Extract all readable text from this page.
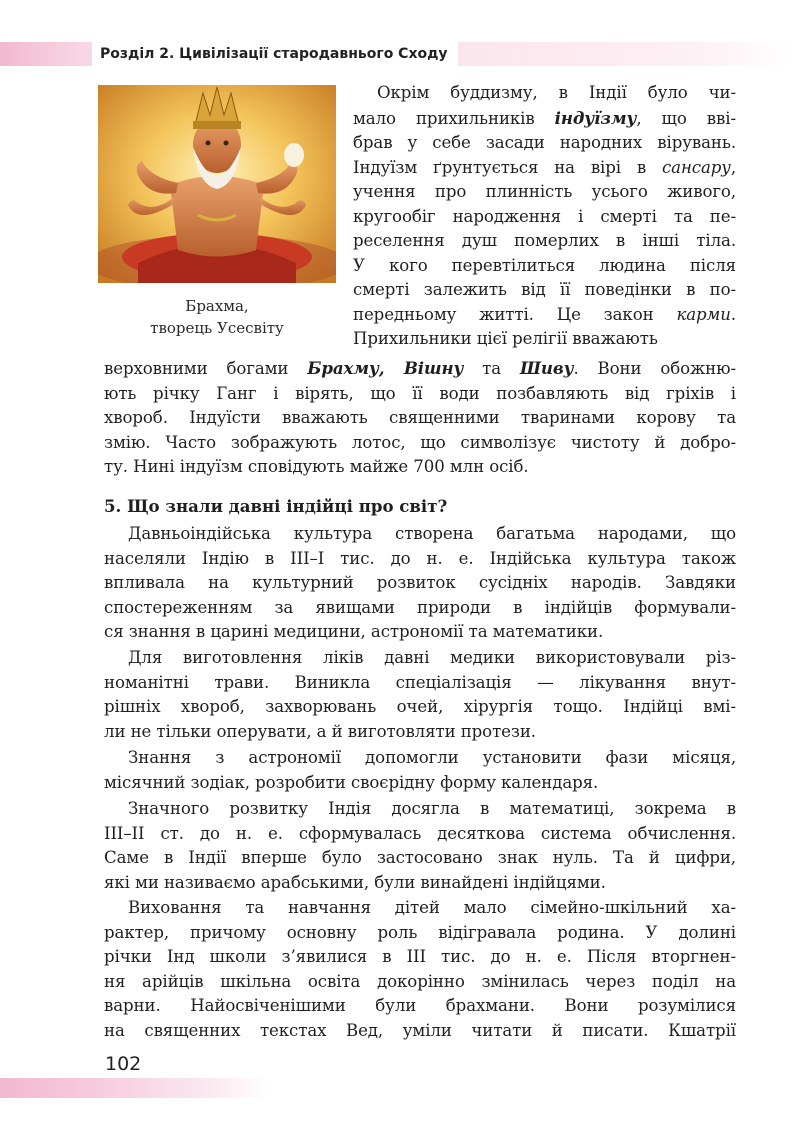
Розділ 2. Цивілізації стародавнього Сходу
Брахма,
творець Усесвіту
Окрім буддизму, в Індії було чи-
мало прихильників індуїзму, що вві-
брав у себе засади народних вірувань.
Індуїзм ґрунтується на вірі в сансару,
учення про плинність усього живого,
кругообіг народження і смерті та пе-
реселення душ померлих в інші тіла.
У кого перевтілиться людина після
смерті залежить від її поведінки в по-
передньому житті. Це закон карми.
Прихильники цієї релігії вважають
верховними богами Брахму, Вішну та Шиву. Вони обожню-
ють річку Ганг і вірять, що її води позбавляють від гріхів і
хвороб. Індуїсти вважають священними тваринами корову та
змію. Часто зображують лотос, що символізує чистоту й добро-
ту. Нині індуїзм сповідують майже 700 млн осіб.
5. Що знали давні індійці про світ?
Давньоіндійська культура створена багатьма народами, що
населяли Індію в III–I тис. до н. е. Індійська культура також
впливала на культурний розвиток сусідніх народів. Завдяки
спостереженням за явищами природи в індійців формували-
ся знання в царині медицини, астрономії та математики.
Для виготовлення ліків давні медики використовували різ-
номанітні трави. Виникла спеціалізація — лікування внут-
рішніх хвороб, захворювань очей, хірургія тощо. Індійці вмі-
ли не тільки оперувати, а й виготовляти протези.
Знання з астрономії допомогли установити фази місяця,
місячний зодіак, розробити своєрідну форму календаря.
Значного розвитку Індія досягла в математиці, зокрема в
III–II ст. до н. е. сформувалась десяткова система обчислення.
Саме в Індії вперше було застосовано знак нуль. Та й цифри,
які ми називаємо арабськими, були винайдені індійцями.
Виховання та навчання дітей мало сімейно-шкільний ха-
рактер, причому основну роль відігравала родина. У долині
річки Інд школи з’явилися в III тис. до н. е. Після вторгнен-
ня арійців шкільна освіта докорінно змінилась через поділ на
варни. Найосвіченішими були брахмани. Вони розумілися
на священних текстах Вед, уміли читати й писати. Кшатрії
102
